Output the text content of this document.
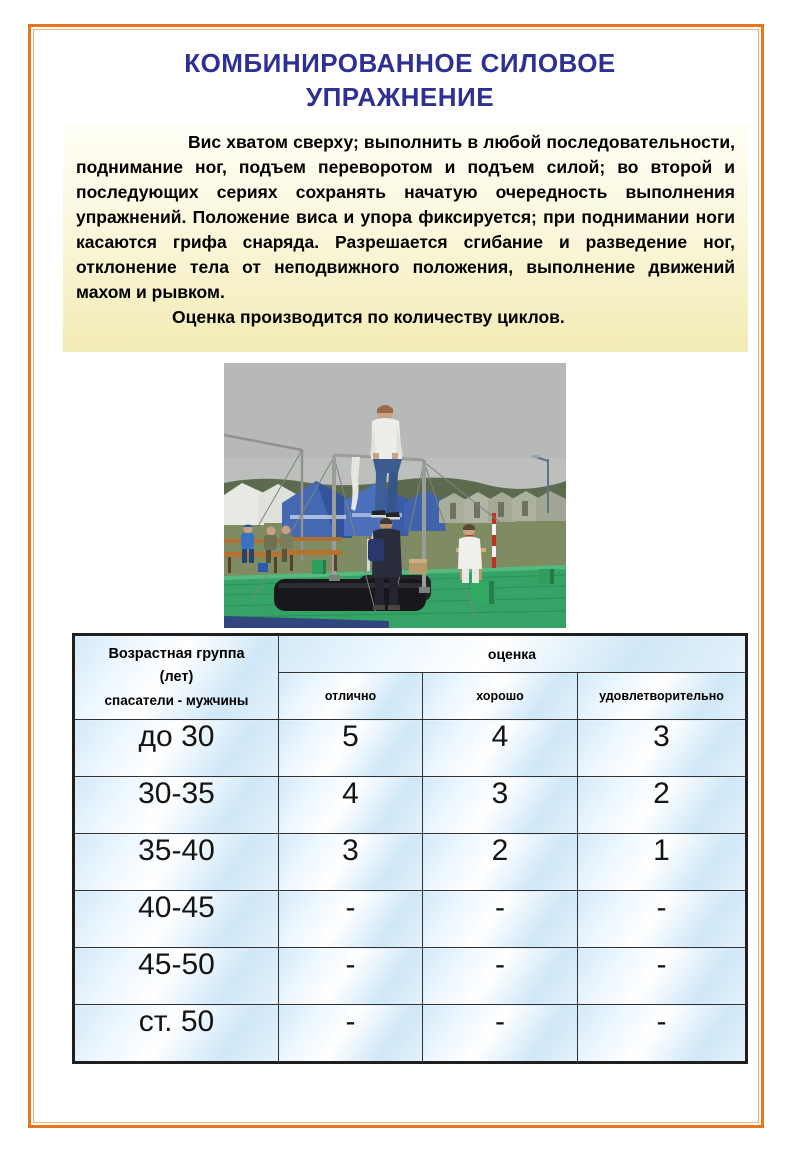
КОМБИНИРОВАННОЕ СИЛОВОЕ
УПРАЖНЕНИЕ

Вис хватом сверху; выполнить в любой последовательности, поднимание ног, подъем переворотом и подъем силой; во второй и последующих сериях сохранять начатую очередность выполнения упражнений. Положение виса и упора фиксируется; при поднимании ноги касаются грифа снаряда. Разрешается сгибание и разведение ног, отклонение тела от неподвижного положения, выполнение движений махом и рывком.

Оценка производится по количеству циклов.

Возрастная группа
(лет)
спасатели - мужчины	оценка		
	отлично	хорошо	удовлетворительно
до 30	5	4	3
30-35	4	3	2
35-40	3	2	1
40-45	-	-	-
45-50	-	-	-
ст. 50	-	-	-
